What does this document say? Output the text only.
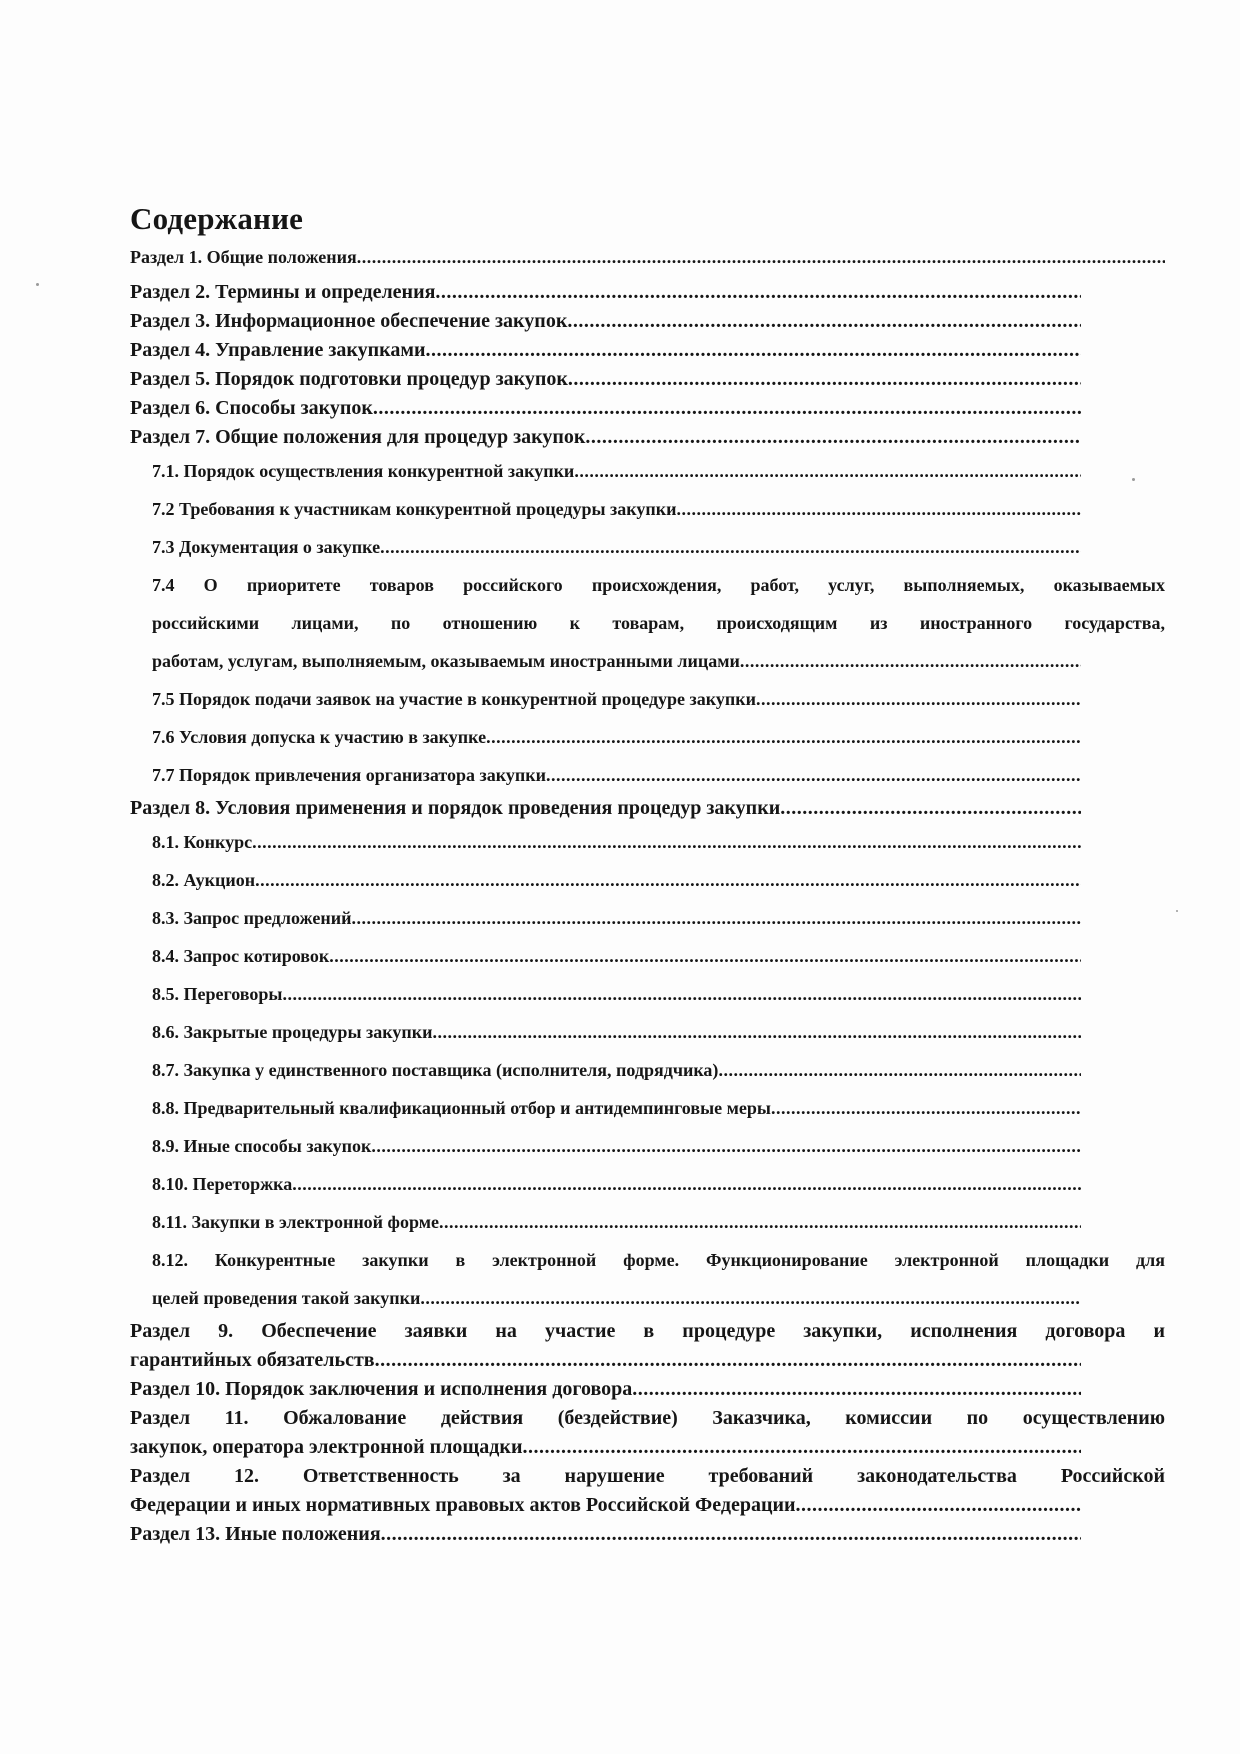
Содержание
Раздел 1. Общие положения
.....
Раздел 2. Термины и определения
.....
Раздел 3. Информационное обеспечение закупок
.....
Раздел 4. Управление закупками
.....
Раздел 5. Порядок подготовки процедур закупок
.....
Раздел 6. Способы закупок
.....
Раздел 7. Общие положения для процедур закупок
.....
7.1. Порядок осуществления конкурентной закупки
.....
7.2 Требования к участникам конкурентной процедуры закупки
.....
7.3 Документация о закупке
.....
7.4 О приоритете товаров российского происхождения, работ, услуг, выполняемых, оказываемых
российскими лицами, по отношению к товарам, происходящим из иностранного государства,
работам, услугам, выполняемым, оказываемым иностранными лицами
.....
7.5 Порядок подачи заявок на участие в конкурентной процедуре закупки
.....
7.6 Условия допуска к участию в закупке
.....
7.7 Порядок привлечения организатора закупки
.....
Раздел 8. Условия применения и порядок проведения процедур закупки
.....
8.1. Конкурс
.....
8.2. Аукцион
.....
8.3. Запрос предложений
.....
8.4. Запрос котировок
.....
8.5. Переговоры
.....
8.6. Закрытые процедуры закупки
.....
8.7. Закупка у единственного поставщика (исполнителя, подрядчика)
.....
8.8. Предварительный квалификационный отбор и антидемпинговые меры
.....
8.9. Иные способы закупок
.....
8.10. Переторжка
.....
8.11. Закупки в электронной форме
.....
8.12. Конкурентные закупки в электронной форме. Функционирование электронной площадки для
целей проведения такой закупки
.....
Раздел 9. Обеспечение заявки на участие в процедуре закупки, исполнения договора и
гарантийных обязательств
.....
Раздел 10. Порядок заключения и исполнения договора
.....
Раздел 11. Обжалование действия (бездействие) Заказчика, комиссии по осуществлению
закупок, оператора электронной площадки
.....
Раздел 12. Ответственность за нарушение требований законодательства Российской
Федерации и иных нормативных правовых актов Российской Федерации
.....
Раздел 13. Иные положения
.....
